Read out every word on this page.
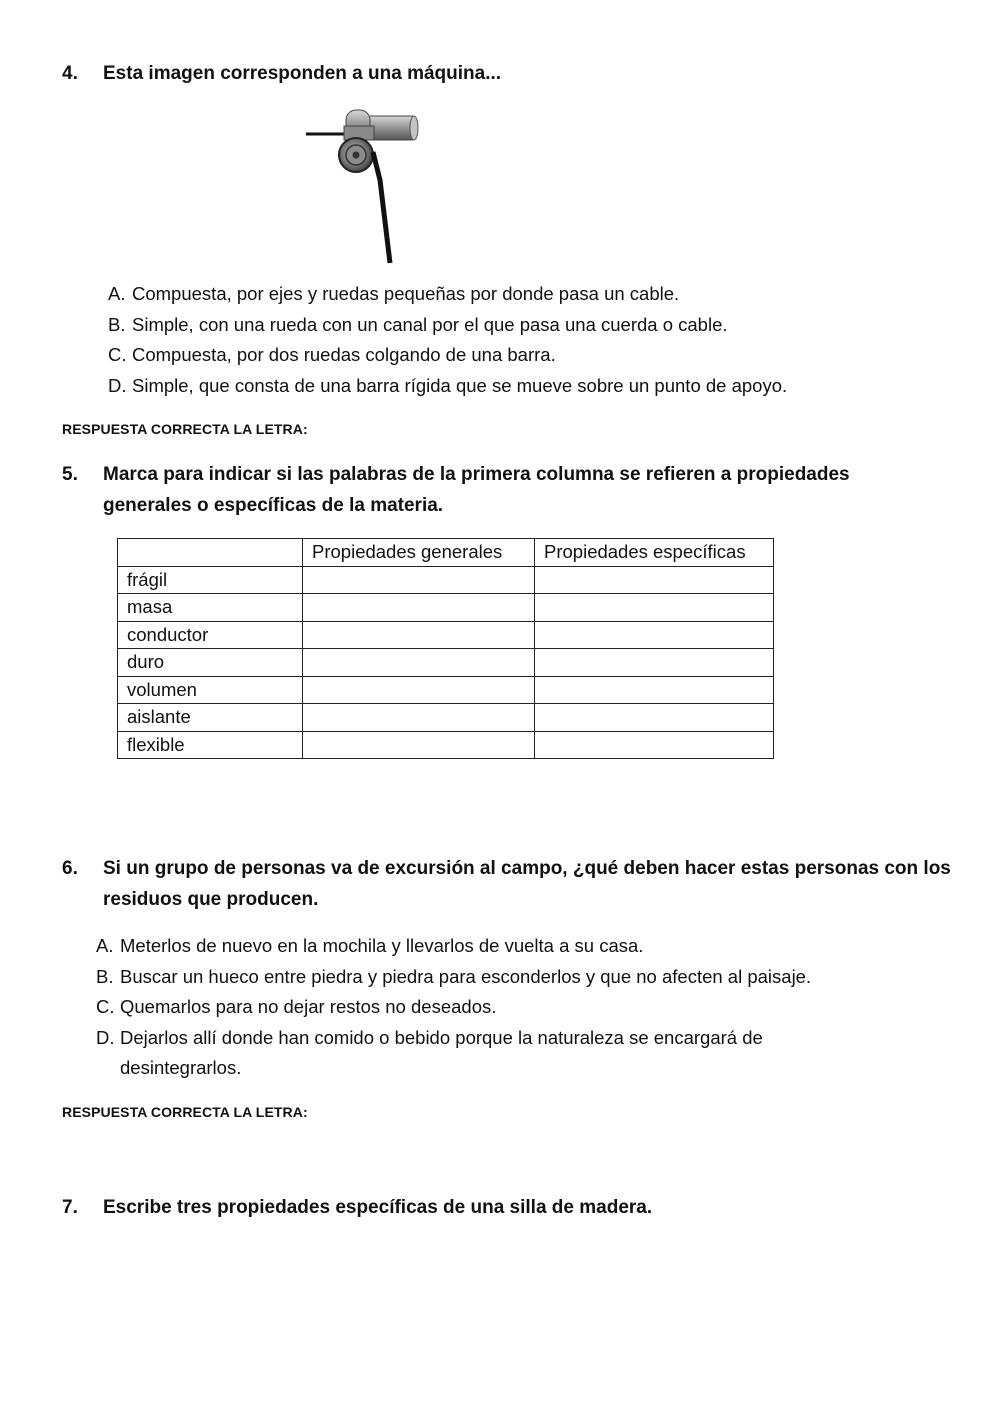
4.	Esta imagen corresponden a una máquina...
A. Compuesta, por ejes y ruedas pequeñas por donde pasa un cable.
B. Simple, con una rueda con un canal por el que pasa una cuerda o cable.
C. Compuesta, por dos ruedas colgando de una barra.
D. Simple, que consta de una barra rígida que se mueve sobre un punto de apoyo.
RESPUESTA CORRECTA LA LETRA:
5.	Marca para indicar si las palabras de la primera columna se refieren a propiedades generales o específicas de la materia.
	Propiedades generales	Propiedades específicas
frágil		
masa		
conductor		
duro		
volumen		
aislante		
flexible		
6.	Si un grupo de personas va de excursión al campo, ¿qué deben hacer estas personas con los residuos que producen.
A. Meterlos de nuevo en la mochila y llevarlos de vuelta a su casa.
B. Buscar un hueco entre piedra y piedra para esconderlos y que no afecten al paisaje.
C. Quemarlos para no dejar restos no deseados.
D. Dejarlos allí donde han comido o bebido porque la naturaleza se encargará de desintegrarlos.
RESPUESTA CORRECTA LA LETRA:
7.	Escribe tres propiedades específicas de una silla de madera.
